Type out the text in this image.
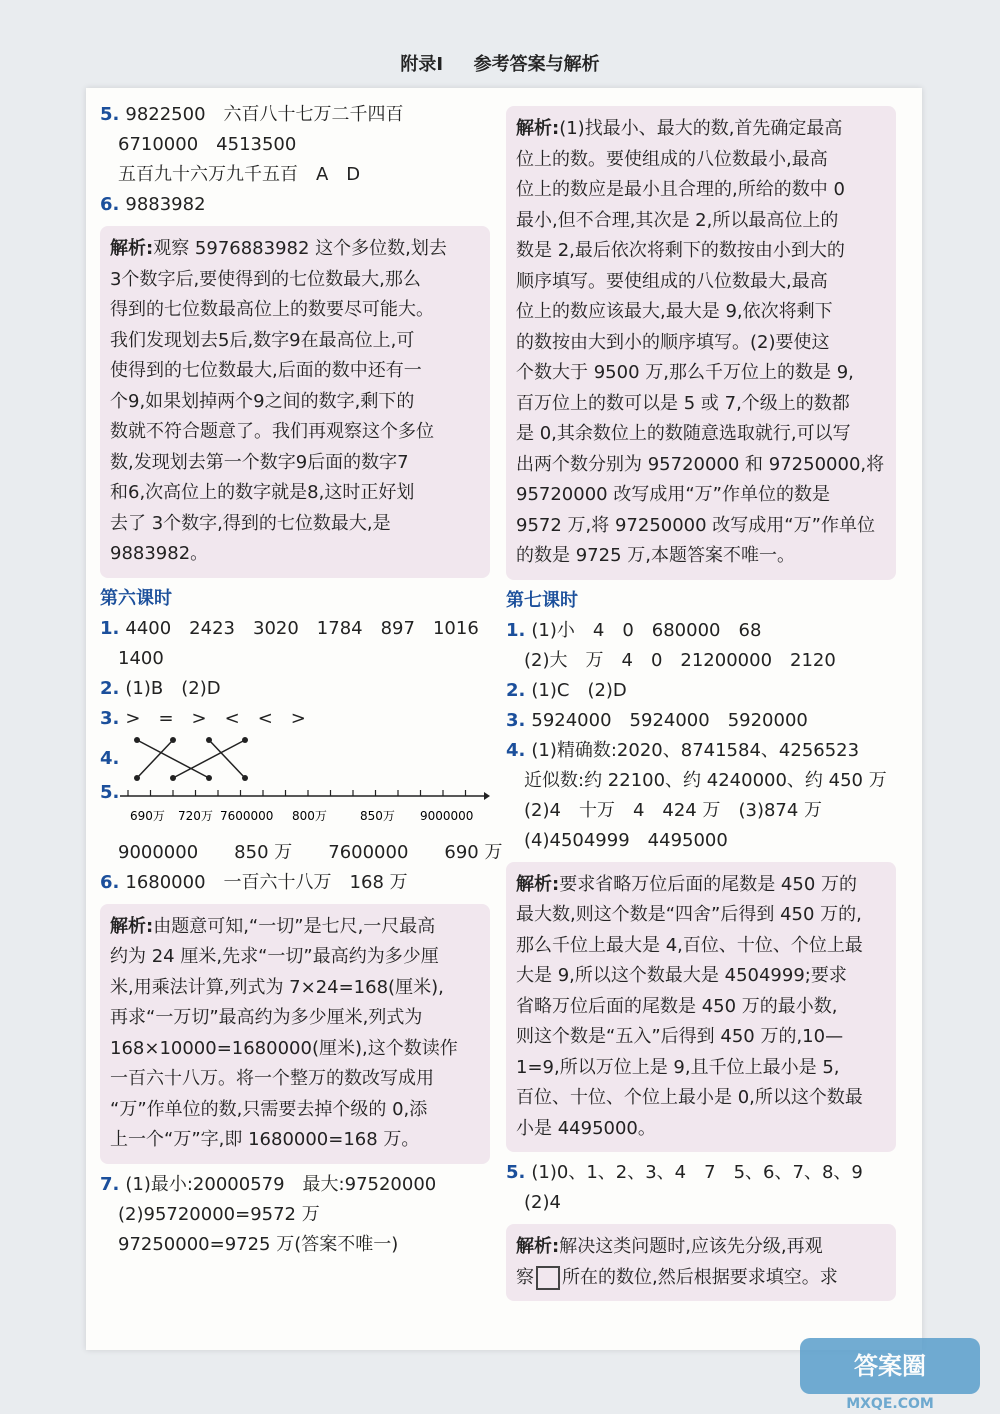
附录Ⅰ 参考答案与解析
5. 9822500　六百八十七万二千四百
6710000　4513500
五百九十六万九千五百　A　D
6. 9883982
解析:观察 5976883982 这个多位数,划去
3个数字后,要使得到的七位数最大,那么
得到的七位数最高位上的数要尽可能大。
我们发现划去5后,数字9在最高位上,可
使得到的七位数最大,后面的数中还有一
个9,如果划掉两个9之间的数字,剩下的
数就不符合题意了。我们再观察这个多位
数,发现划去第一个数字9后面的数字7
和6,次高位上的数字就是8,这时正好划
去了 3个数字,得到的七位数最大,是
9883982。
第六课时
1. 4400　2423　3020　1784　897　1016
1400
2. (1)B　(2)D
3. >　=　>　<　<　>
4.
5.
690万 720万 7600000 800万	850万 9000000
9000000　　850 万　　7600000　　690 万
6. 1680000　一百六十八万　168 万
解析:由题意可知,“一切”是七尺,一尺最高
约为 24 厘米,先求“一切”最高约为多少厘
米,用乘法计算,列式为 7×24=168(厘米),
再求“一万切”最高约为多少厘米,列式为
168×10000=1680000(厘米),这个数读作
一百六十八万。将一个整万的数改写成用
“万”作单位的数,只需要去掉个级的 0,添
上一个“万”字,即 1680000=168 万。
7. (1)最小:20000579　最大:97520000
(2)95720000=9572 万
97250000=9725 万(答案不唯一)
解析:(1)找最小、最大的数,首先确定最高
位上的数。要使组成的八位数最小,最高
位上的数应是最小且合理的,所给的数中 0
最小,但不合理,其次是 2,所以最高位上的
数是 2,最后依次将剩下的数按由小到大的
顺序填写。要使组成的八位数最大,最高
位上的数应该最大,最大是 9,依次将剩下
的数按由大到小的顺序填写。(2)要使这
个数大于 9500 万,那么千万位上的数是 9,
百万位上的数可以是 5 或 7,个级上的数都
是 0,其余数位上的数随意选取就行,可以写
出两个数分别为 95720000 和 97250000,将
95720000 改写成用“万”作单位的数是
9572 万,将 97250000 改写成用“万”作单位
的数是 9725 万,本题答案不唯一。
第七课时
1. (1)小　4　0　680000　68
(2)大　万　4　0　21200000　2120
2. (1)C　(2)D
3. 5924000　5924000　5920000
4. (1)精确数:2020、8741584、4256523
近似数:约 22100、约 4240000、约 450 万
(2)4　十万　4　424 万　(3)874 万
(4)4504999　4495000
解析:要求省略万位后面的尾数是 450 万的
最大数,则这个数是“四舍”后得到 450 万的,
那么千位上最大是 4,百位、十位、个位上最
大是 9,所以这个数最大是 4504999;要求
省略万位后面的尾数是 450 万的最小数,
则这个数是“五入”后得到 450 万的,10—
1=9,所以万位上是 9,且千位上最小是 5,
百位、十位、个位上最小是 0,所以这个数最
小是 4495000。
5. (1)0、1、2、3、4　7　5、6、7、8、9
(2)4
解析:解决这类问题时,应该先分级,再观
察 所在的数位,然后根据要求填空。求
答案圈
MXQE.COM
